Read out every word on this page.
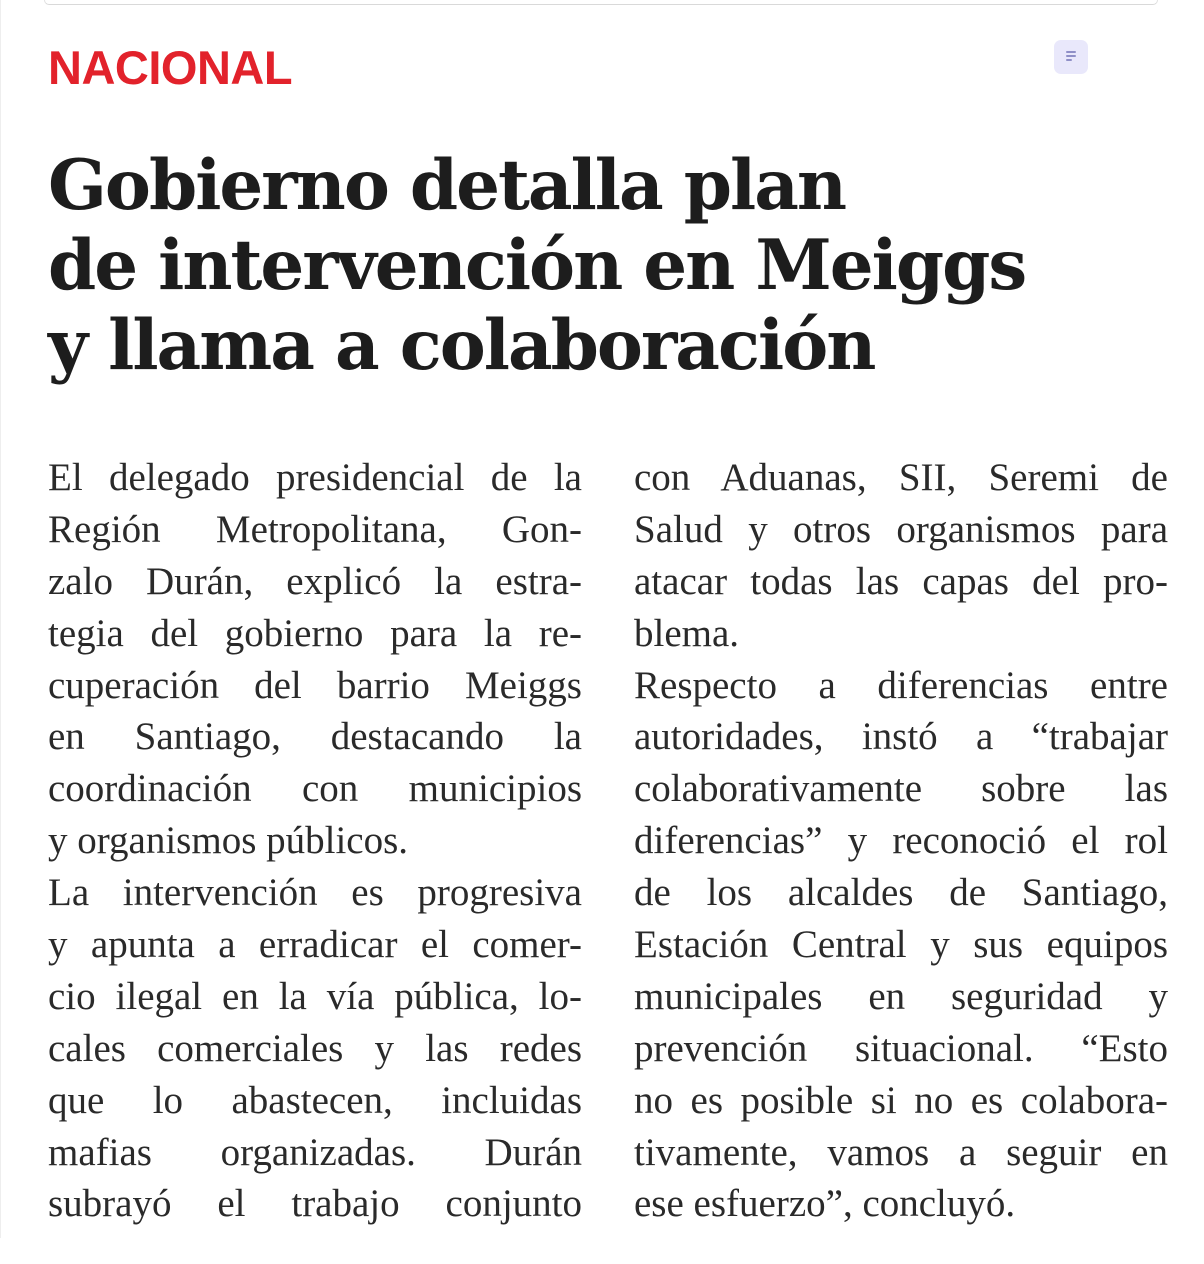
NACIONAL
Gobierno detalla plan
de intervención en Meiggs
y llama a colaboración
El delegado presidencial de la
Región Metropolitana, Gon-
zalo Durán, explicó la estra-
tegia del gobierno para la re-
cuperación del barrio Meiggs
en Santiago, destacando la
coordinación con municipios
y organismos públicos.
La intervención es progresiva
y apunta a erradicar el comer-
cio ilegal en la vía pública, lo-
cales comerciales y las redes
que lo abastecen, incluidas
mafias organizadas. Durán
subrayó el trabajo conjunto
con Aduanas, SII, Seremi de
Salud y otros organismos para
atacar todas las capas del pro-
blema.
Respecto a diferencias entre
autoridades, instó a “trabajar
colaborativamente sobre las
diferencias” y reconoció el rol
de los alcaldes de Santiago,
Estación Central y sus equipos
municipales en seguridad y
prevención situacional. “Esto
no es posible si no es colabora-
tivamente, vamos a seguir en
ese esfuerzo”, concluyó.
